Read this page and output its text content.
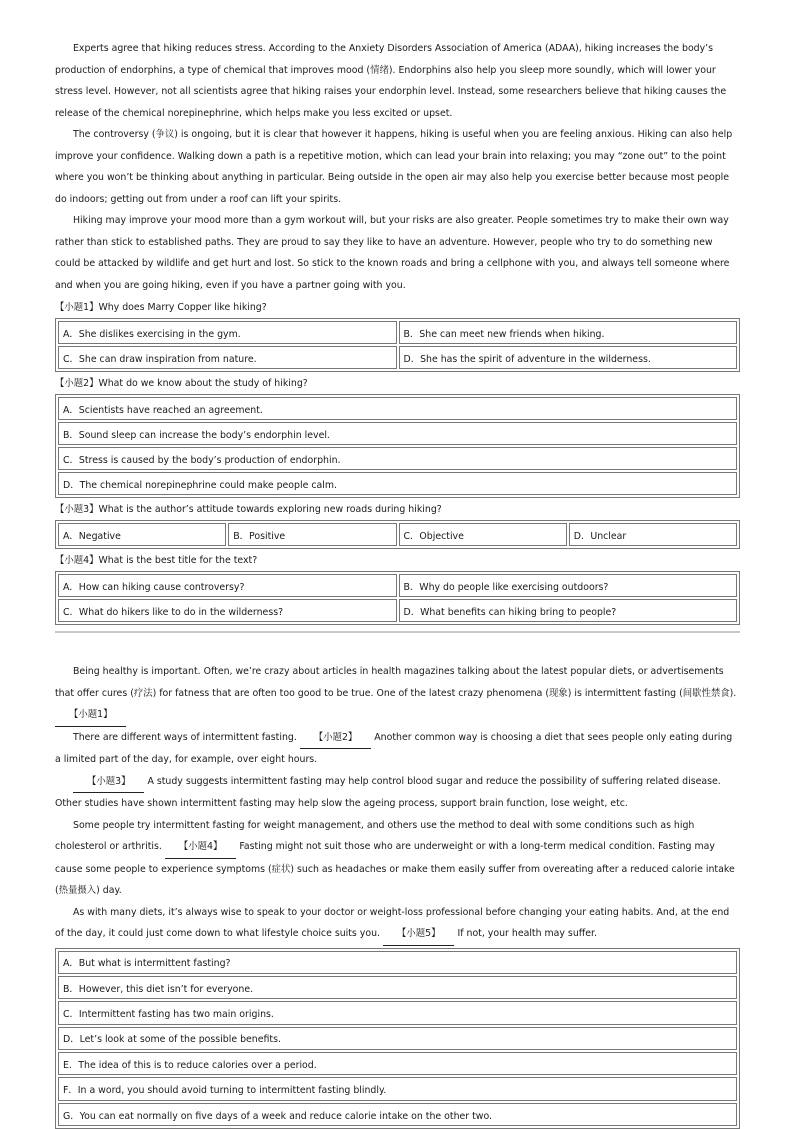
Experts agree that hiking reduces stress. According to the Anxiety Disorders Association of America (ADAA), hiking increases the body’s production of endorphins, a type of chemical that improves mood (情绪). Endorphins also help you sleep more soundly, which will lower your stress level. However, not all scientists agree that hiking raises your endorphin level. Instead, some researchers believe that hiking causes the release of the chemical norepinephrine, which helps make you less excited or upset.

The controversy (争议) is ongoing, but it is clear that however it happens, hiking is useful when you are feeling anxious. Hiking can also help improve your confidence. Walking down a path is a repetitive motion, which can lead your brain into relaxing; you may “zone out” to the point where you won’t be thinking about anything in particular. Being outside in the open air may also help you exercise better because most people do indoors; getting out from under a roof can lift your spirits.

Hiking may improve your mood more than a gym workout will, but your risks are also greater. People sometimes try to make their own way rather than stick to established paths. They are proud to say they like to have an adventure. However, people who try to do something new could be attacked by wildlife and get hurt and lost. So stick to the known roads and bring a cellphone with you, and always tell someone where and when you are going hiking, even if you have a partner going with you.

【小题1】Why does Marry Copper like hiking?
A．She dislikes exercising in the gym.	B．She can meet new friends when hiking.
C．She can draw inspiration from nature.	D．She has the spirit of adventure in the wilderness.
【小题2】What do we know about the study of hiking?
A．Scientists have reached an agreement.
B．Sound sleep can increase the body’s endorphin level.
C．Stress is caused by the body’s production of endorphin.
D．The chemical norepinephrine could make people calm.
【小题3】What is the author’s attitude towards exploring new roads during hiking?
A．Negative	B．Positive	C．Objective	D．Unclear
【小题4】What is the best title for the text?
A．How can hiking cause controversy?	B．Why do people like exercising outdoors?
C．What do hikers like to do in the wilderness?	D．What benefits can hiking bring to people?

Being healthy is important. Often, we’re crazy about articles in health magazines talking about the latest popular diets, or advertisements that offer cures (疗法) for fatness that are often too good to be true. One of the latest crazy phenomena (现象) is intermittent fasting (间歇性禁食). 【小题1】

There are different ways of intermittent fasting. 【小题2】 Another common way is choosing a diet that sees people only eating during a limited part of the day, for example, over eight hours.

【小题3】 A study suggests intermittent fasting may help control blood sugar and reduce the possibility of suffering related disease. Other studies have shown intermittent fasting may help slow the ageing process, support brain function, lose weight, etc.

Some people try intermittent fasting for weight management, and others use the method to deal with some conditions such as high cholesterol or arthritis. 【小题4】 Fasting might not suit those who are underweight or with a long-term medical condition. Fasting may cause some people to experience symptoms (症状) such as headaches or make them easily suffer from overeating after a reduced calorie intake (热量摄入) day.

As with many diets, it’s always wise to speak to your doctor or weight-loss professional before changing your eating habits. And, at the end of the day, it could just come down to what lifestyle choice suits you. 【小题5】 If not, your health may suffer.

A．But what is intermittent fasting?
B．However, this diet isn’t for everyone.
C．Intermittent fasting has two main origins.
D．Let’s look at some of the possible benefits.
E．The idea of this is to reduce calories over a period.
F．In a word, you should avoid turning to intermittent fasting blindly.
G．You can eat normally on five days of a week and reduce calorie intake on the other two.
